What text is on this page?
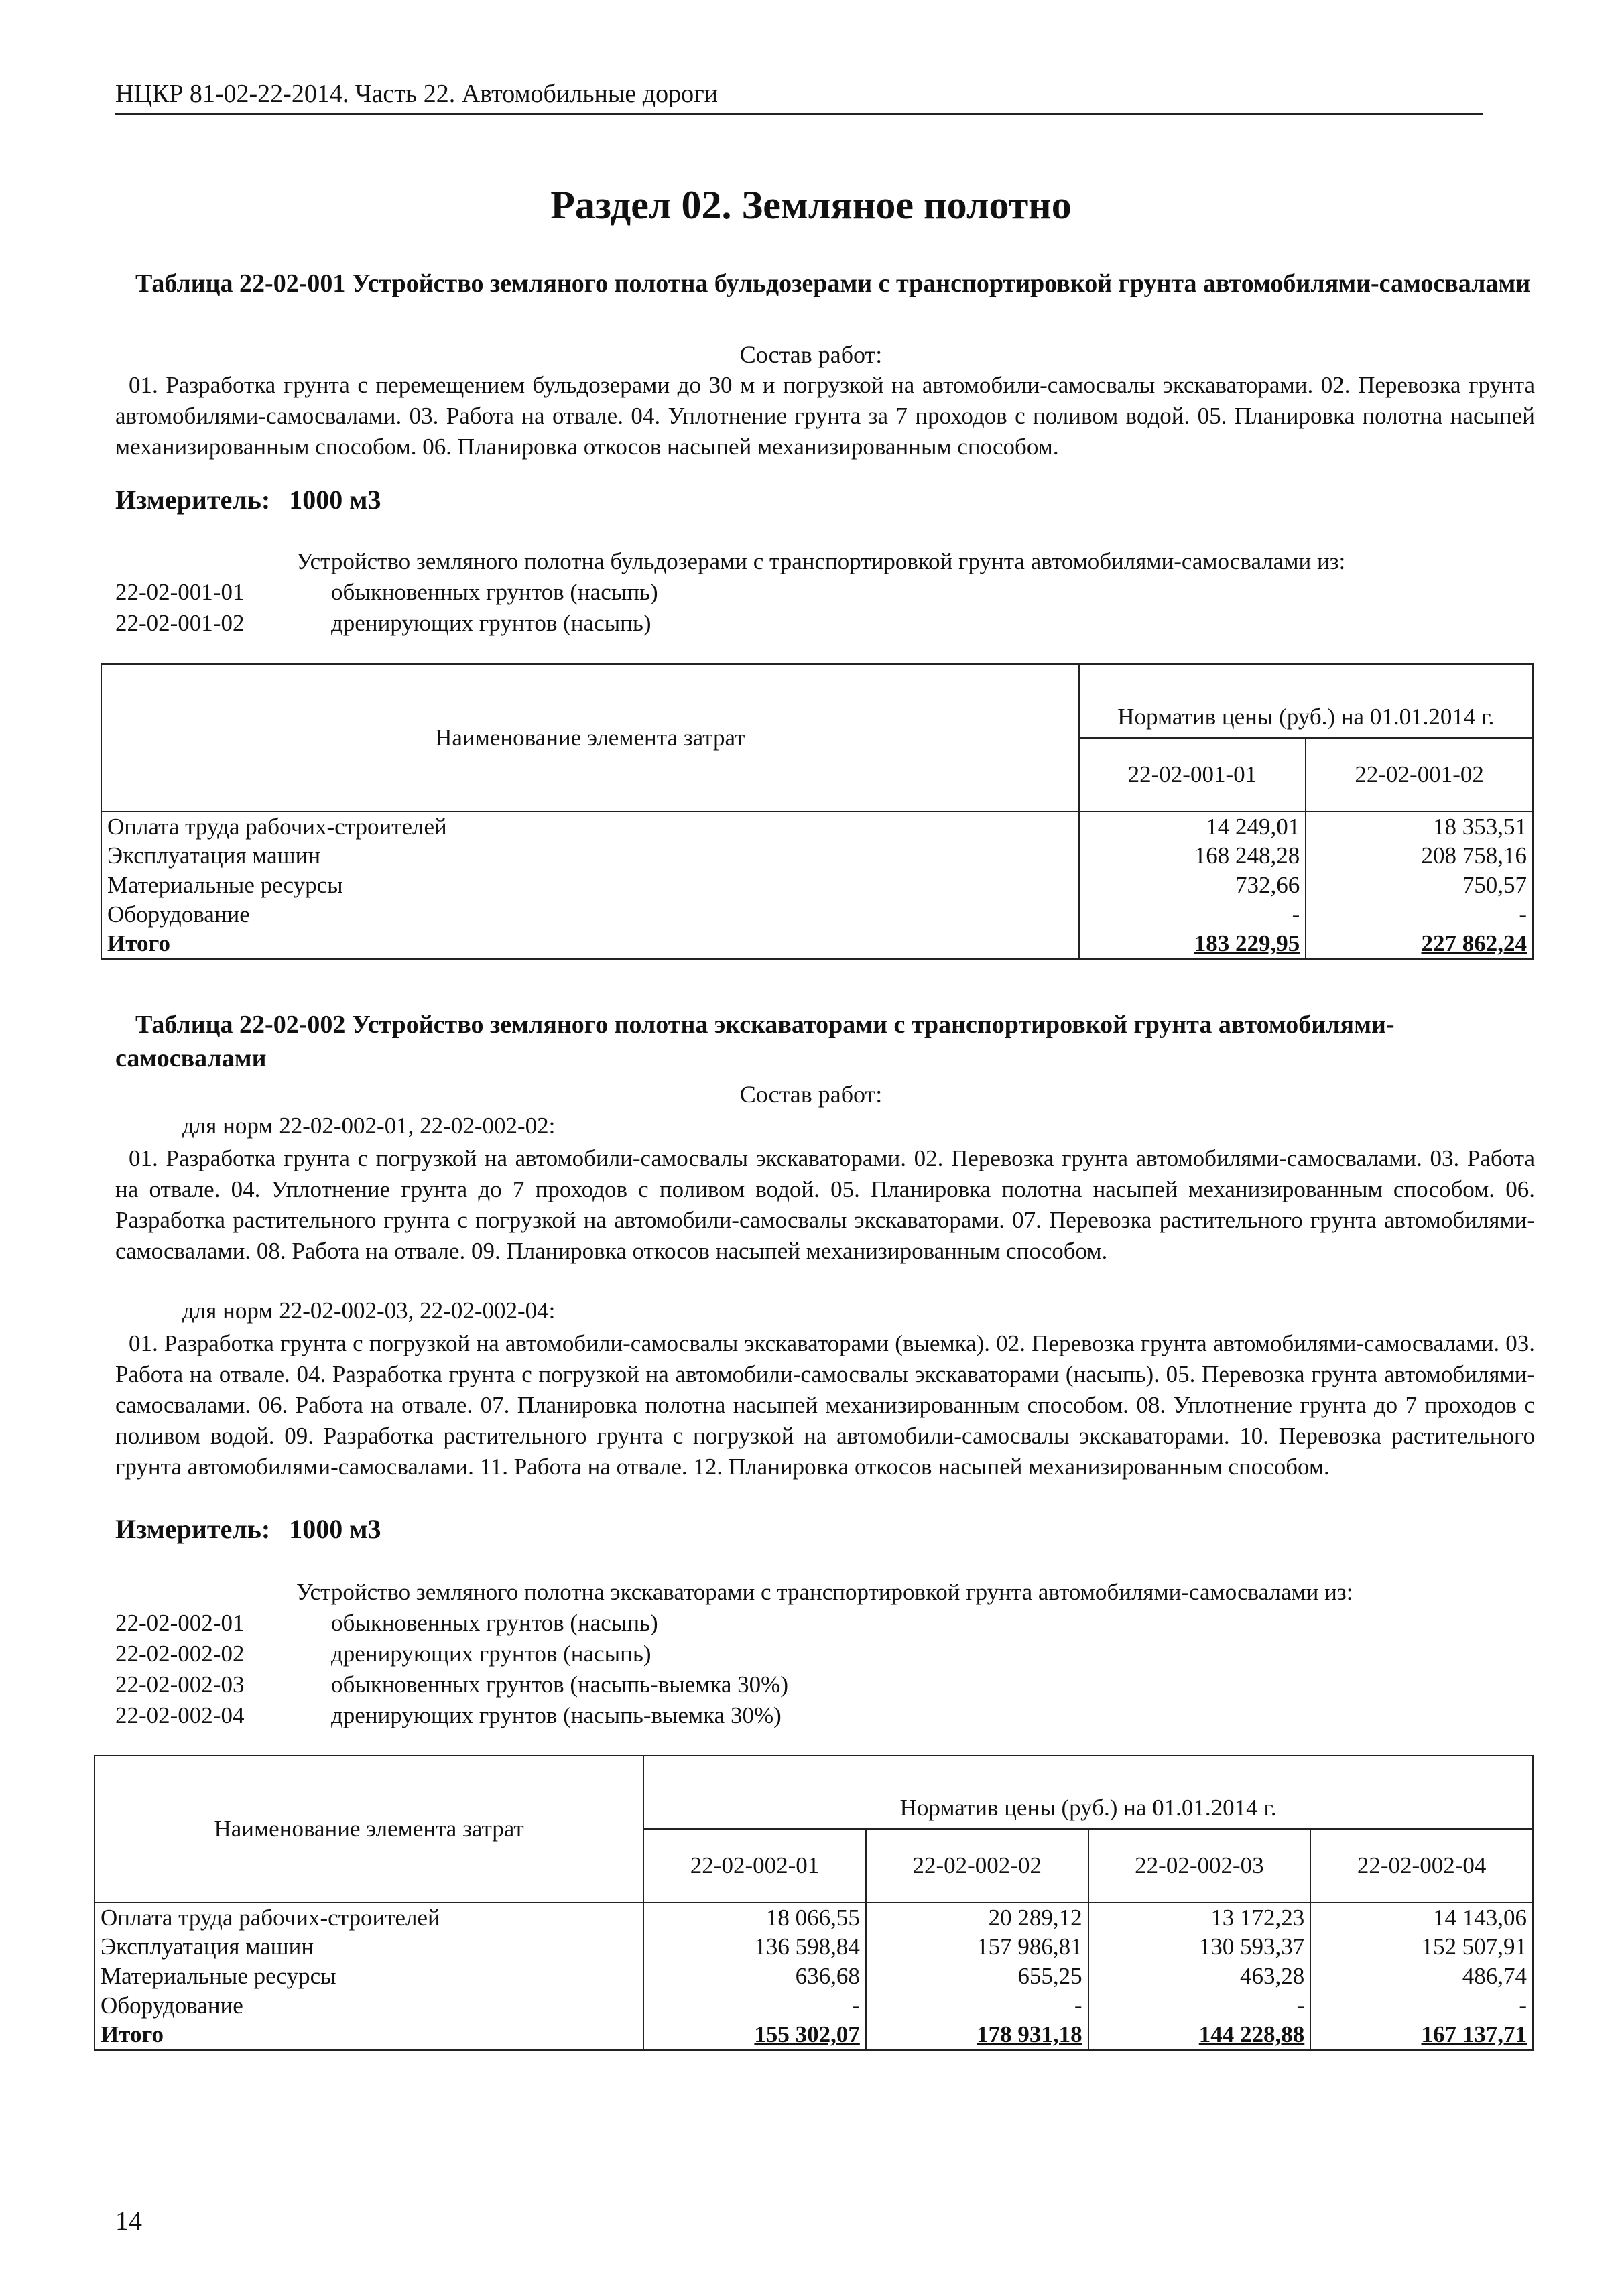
НЦКР 81-02-22-2014. Часть 22. Автомобильные дороги
Раздел 02. Земляное полотно
Таблица 22-02-001 Устройство земляного полотна бульдозерами с транспортировкой грунта автомобилями-самосвалами
Состав работ:
01. Разработка грунта с перемещением бульдозерами до 30 м и погрузкой на автомобили-самосвалы экскаваторами. 02. Перевозка грунта автомобилями-самосвалами. 03. Работа на отвале. 04. Уплотнение грунта за 7 проходов с поливом водой. 05. Планировка полотна насыпей механизированным способом. 06. Планировка откосов насыпей механизированным способом.
Измеритель: 1000 м3
Устройство земляного полотна бульдозерами с транспортировкой грунта автомобилями-самосвалами из:
22-02-001-01	обыкновенных грунтов (насыпь)
22-02-001-02	дренирующих грунтов (насыпь)
Наименование элемента затрат	Норматив цены (руб.) на 01.01.2014 г.	
	22-02-001-01	22-02-001-02
Оплата труда рабочих-строителей	14 249,01	18 353,51
Эксплуатация машин	168 248,28	208 758,16
Материальные ресурсы	732,66	750,57
Оборудование	-	-
Итого	183 229,95	227 862,24
Таблица 22-02-002 Устройство земляного полотна экскаваторами с транспортировкой грунта автомобилями-самосвалами
Состав работ:
для норм 22-02-002-01, 22-02-002-02:
01. Разработка грунта с погрузкой на автомобили-самосвалы экскаваторами. 02. Перевозка грунта автомобилями-самосвалами. 03. Работа на отвале. 04. Уплотнение грунта до 7 проходов с поливом водой. 05. Планировка полотна насыпей механизированным способом. 06. Разработка растительного грунта с погрузкой на автомобили-самосвалы экскаваторами. 07. Перевозка растительного грунта автомобилями-самосвалами. 08. Работа на отвале. 09. Планировка откосов насыпей механизированным способом.
для норм 22-02-002-03, 22-02-002-04:
01. Разработка грунта с погрузкой на автомобили-самосвалы экскаваторами (выемка). 02. Перевозка грунта автомобилями-самосвалами. 03. Работа на отвале. 04. Разработка грунта с погрузкой на автомобили-самосвалы экскаваторами (насыпь). 05. Перевозка грунта автомобилями-самосвалами. 06. Работа на отвале. 07. Планировка полотна насыпей механизированным способом. 08. Уплотнение грунта до 7 проходов с поливом водой. 09. Разработка растительного грунта с погрузкой на автомобили-самосвалы экскаваторами. 10. Перевозка растительного грунта автомобилями-самосвалами. 11. Работа на отвале. 12. Планировка откосов насыпей механизированным способом.
Измеритель: 1000 м3
Устройство земляного полотна экскаваторами с транспортировкой грунта автомобилями-самосвалами из:
22-02-002-01	обыкновенных грунтов (насыпь)
22-02-002-02	дренирующих грунтов (насыпь)
22-02-002-03	обыкновенных грунтов (насыпь-выемка 30%)
22-02-002-04	дренирующих грунтов (насыпь-выемка 30%)
Наименование элемента затрат	Норматив цены (руб.) на 01.01.2014 г.			
	22-02-002-01	22-02-002-02	22-02-002-03	22-02-002-04
Оплата труда рабочих-строителей	18 066,55	20 289,12	13 172,23	14 143,06
Эксплуатация машин	136 598,84	157 986,81	130 593,37	152 507,91
Материальные ресурсы	636,68	655,25	463,28	486,74
Оборудование	-	-	-	-
Итого	155 302,07	178 931,18	144 228,88	167 137,71
14
